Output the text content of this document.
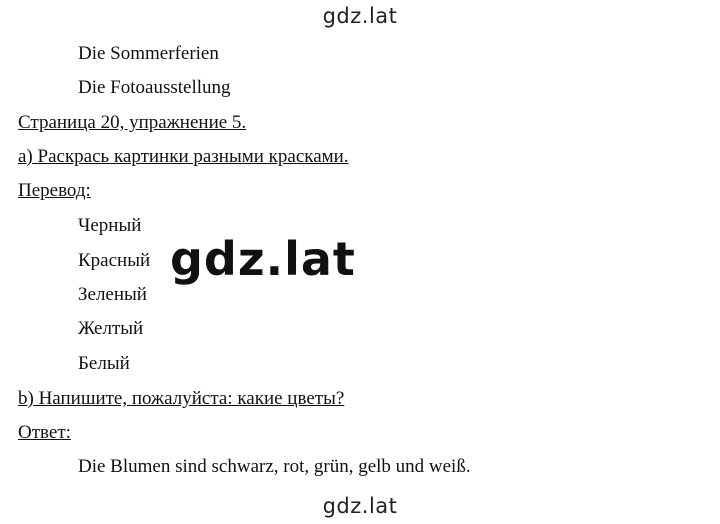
gdz.lat
Die Sommerferien
Die Fotoausstellung
Страница 20, упражнение 5.
а) Раскрась картинки разными красками.
Перевод:
Черный
Красный
Зеленый
Желтый
Белый
b) Напишите, пожалуйста: какие цветы?
Ответ:
Die Blumen sind schwarz, rot, grün, gelb und weiß.
gdz.lat
gdz.lat
